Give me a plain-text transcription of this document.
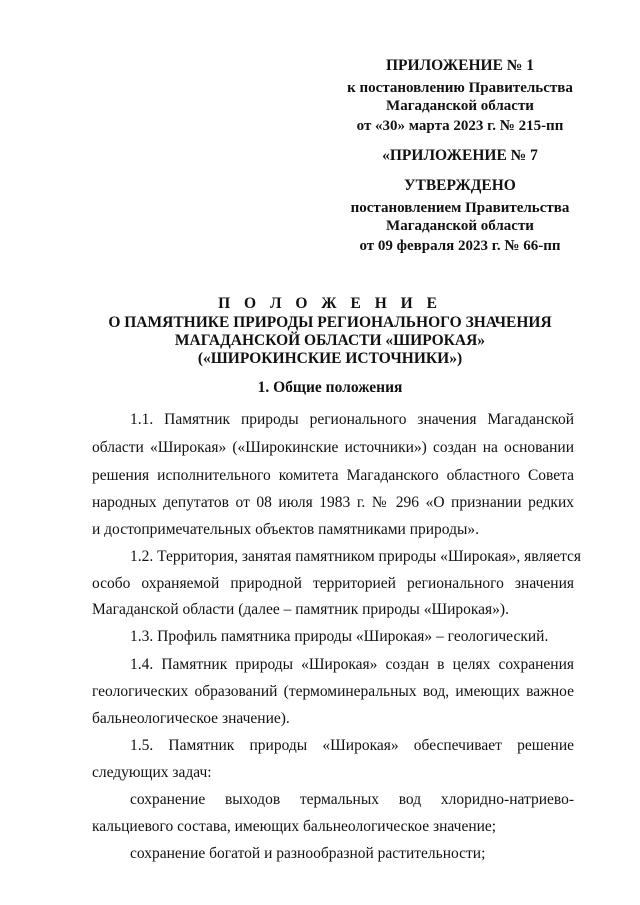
ПРИЛОЖЕНИЕ № 1
к постановлению Правительства
Магаданской области
от «30» марта 2023 г. № 215-пп
«ПРИЛОЖЕНИЕ № 7
УТВЕРЖДЕНО
постановлением Правительства
Магаданской области
от 09 февраля 2023 г. № 66-пп
П О Л О Ж Е Н И Е
О ПАМЯТНИКЕ ПРИРОДЫ РЕГИОНАЛЬНОГО ЗНАЧЕНИЯ
МАГАДАНСКОЙ ОБЛАСТИ «ШИРОКАЯ»
(«ШИРОКИНСКИЕ ИСТОЧНИКИ»)
1. Общие положения
1.1. Памятник природы регионального значения Магаданской
области «Широкая» («Широкинские источники») создан на основании
решения исполнительного комитета Магаданского областного Совета
народных депутатов от 08 июля 1983 г. № 296 «О признании редких
и достопримечательных объектов памятниками природы».
1.2. Территория, занятая памятником природы «Широкая», является
особо охраняемой природной территорией регионального значения
Магаданской области (далее – памятник природы «Широкая»).
1.3. Профиль памятника природы «Широкая» – геологический.
1.4. Памятник природы «Широкая» создан в целях сохранения
геологических образований (термоминеральных вод, имеющих важное
бальнеологическое значение).
1.5. Памятник природы «Широкая» обеспечивает решение
следующих задач:
сохранение выходов термальных вод хлоридно-натриево-
кальциевого состава, имеющих бальнеологическое значение;
сохранение богатой и разнообразной растительности;
